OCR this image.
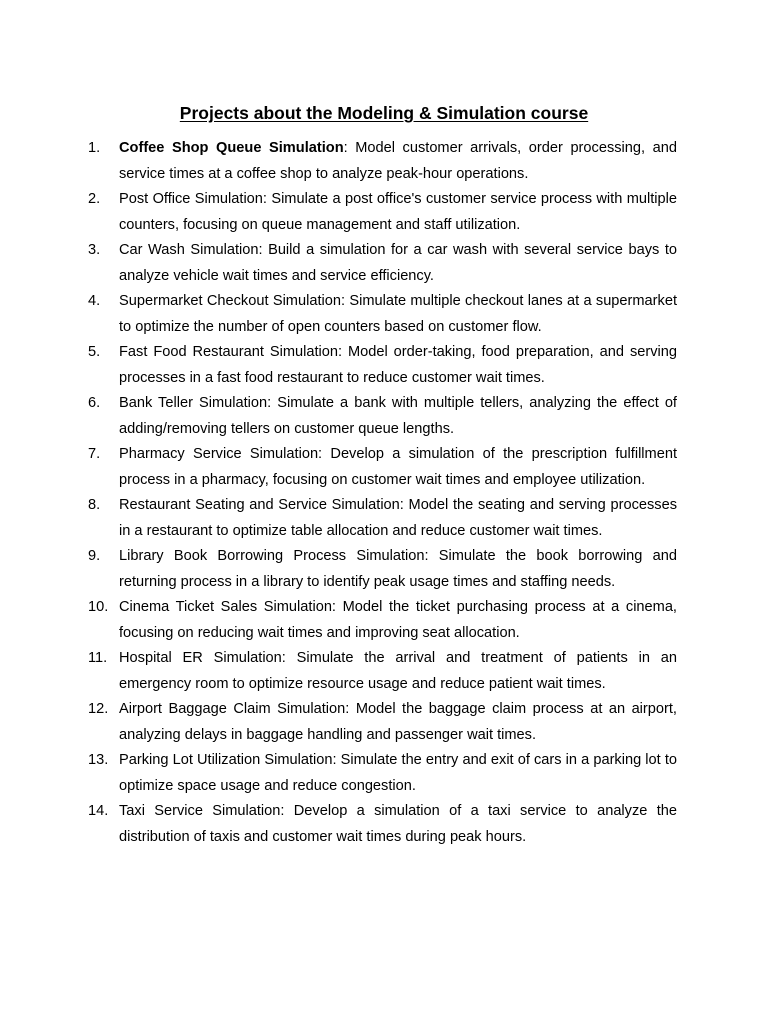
Projects about the Modeling & Simulation course
1.	Coffee Shop Queue Simulation: Model customer arrivals, order processing, and service times at a coffee shop to analyze peak-hour operations.
2.	Post Office Simulation: Simulate a post office's customer service process with multiple counters, focusing on queue management and staff utilization.
3.	Car Wash Simulation: Build a simulation for a car wash with several service bays to analyze vehicle wait times and service efficiency.
4.	Supermarket Checkout Simulation: Simulate multiple checkout lanes at a supermarket to optimize the number of open counters based on customer flow.
5.	Fast Food Restaurant Simulation: Model order-taking, food preparation, and serving processes in a fast food restaurant to reduce customer wait times.
6.	Bank Teller Simulation: Simulate a bank with multiple tellers, analyzing the effect of adding/removing tellers on customer queue lengths.
7.	Pharmacy Service Simulation: Develop a simulation of the prescription fulfillment process in a pharmacy, focusing on customer wait times and employee utilization.
8.	Restaurant Seating and Service Simulation: Model the seating and serving processes in a restaurant to optimize table allocation and reduce customer wait times.
9.	Library Book Borrowing Process Simulation: Simulate the book borrowing and returning process in a library to identify peak usage times and staffing needs.
10. Cinema Ticket Sales Simulation: Model the ticket purchasing process at a cinema, focusing on reducing wait times and improving seat allocation.
11. Hospital ER Simulation: Simulate the arrival and treatment of patients in an emergency room to optimize resource usage and reduce patient wait times.
12. Airport Baggage Claim Simulation: Model the baggage claim process at an airport, analyzing delays in baggage handling and passenger wait times.
13. Parking Lot Utilization Simulation: Simulate the entry and exit of cars in a parking lot to optimize space usage and reduce congestion.
14. Taxi Service Simulation: Develop a simulation of a taxi service to analyze the distribution of taxis and customer wait times during peak hours.
